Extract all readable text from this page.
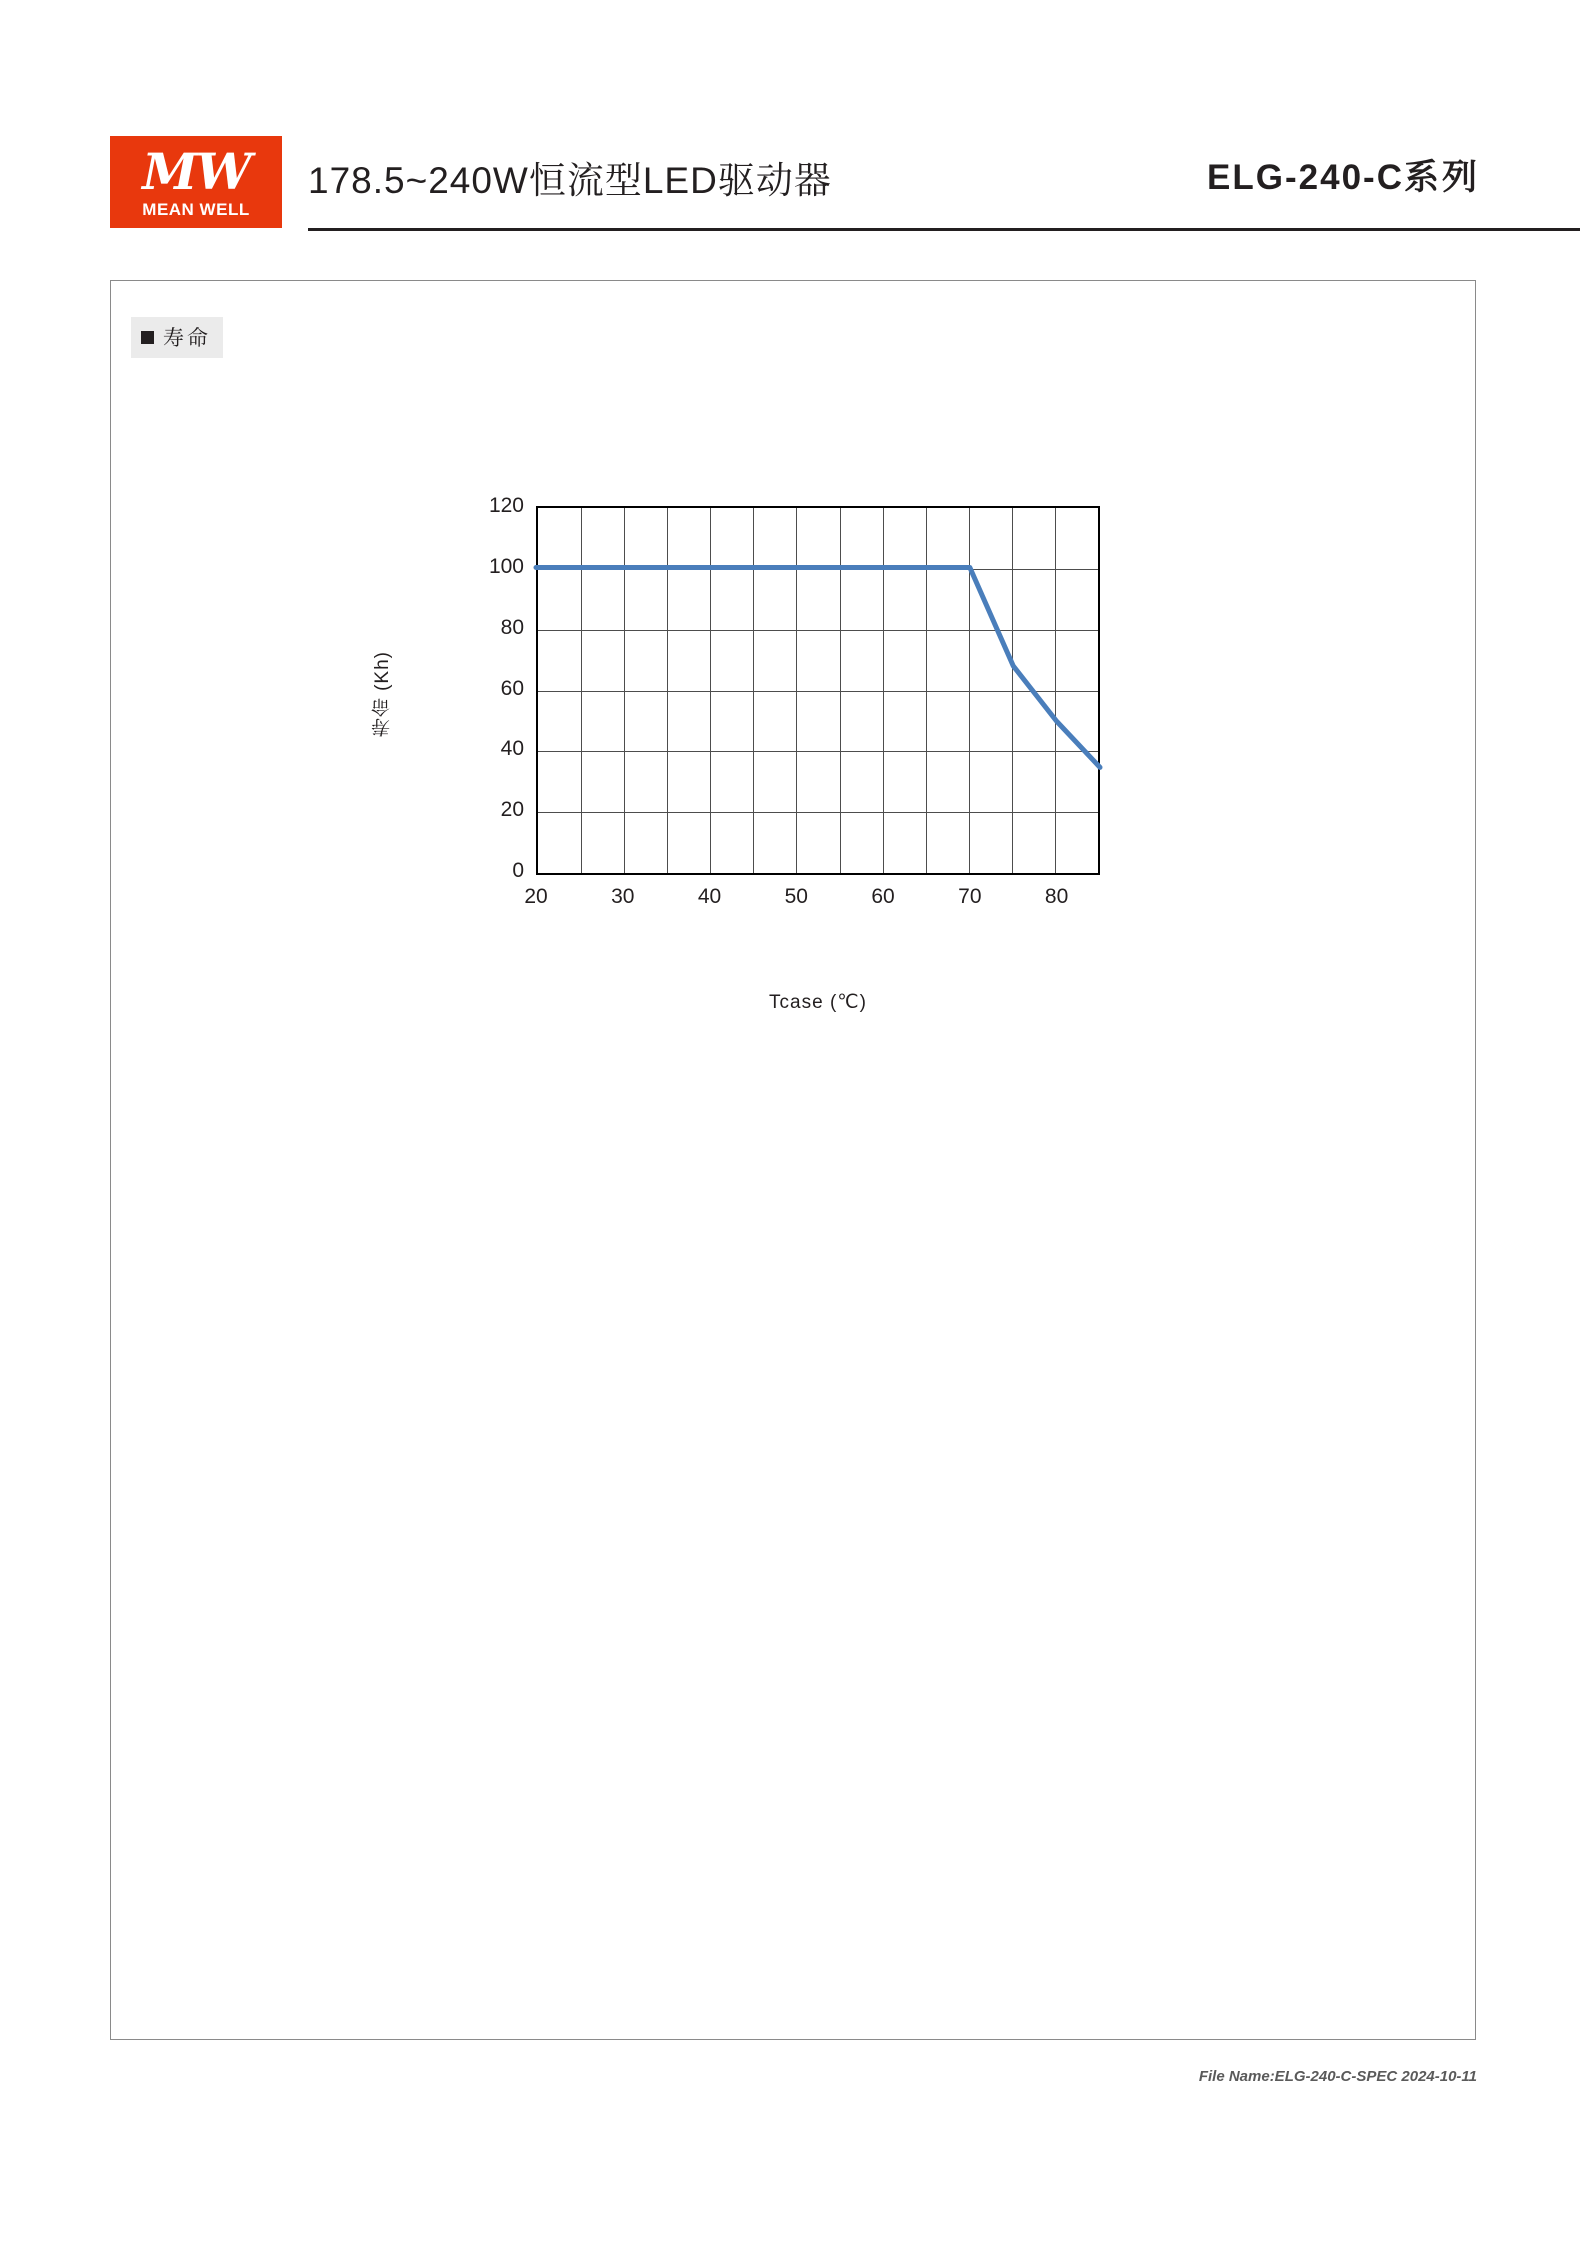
MW
MEAN WELL
178.5~240W恒流型LED驱动器	ELG-240-C系列
寿命
寿命 (Kh)
120
100
80
60
40
20
0
20	30	40	50	60	70	80
Tcase (℃)
File Name:ELG-240-C-SPEC 2024-10-11
